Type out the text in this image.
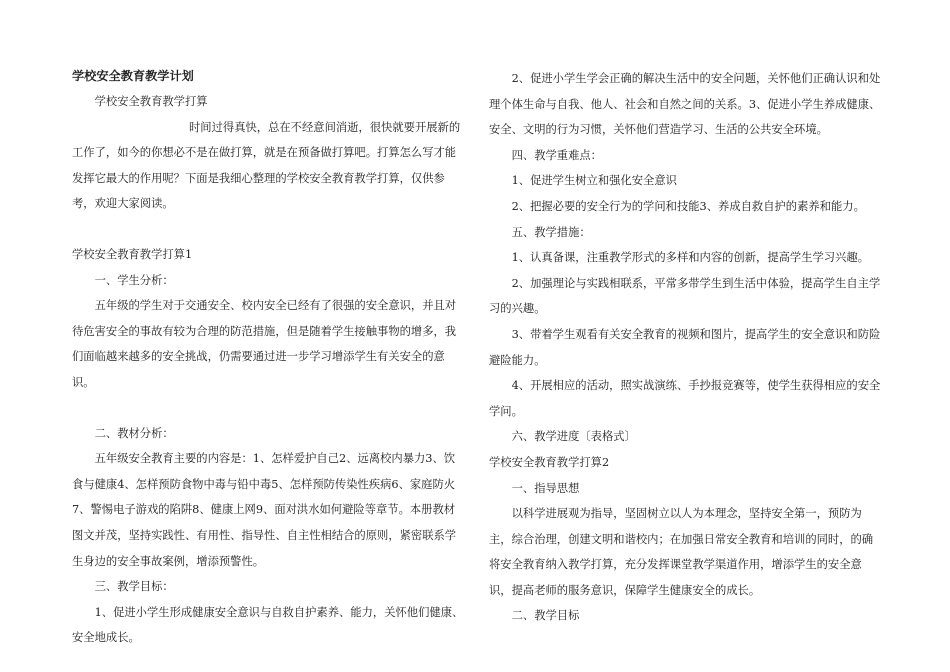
学校安全教育教学计划

学校安全教育教学打算

时间过得真快，总在不经意间消逝，很快就要开展新的工作了，如今的你想必不是在做打算，就是在预备做打算吧。打算怎么写才能发挥它最大的作用呢？下面是我细心整理的学校安全教育教学打算，仅供参考，欢迎大家阅读。

学校安全教育教学打算1

一、学生分析：

五年级的学生对于交通安全、校内安全已经有了很强的安全意识，并且对待危害安全的事故有较为合理的防范措施，但是随着学生接触事物的增多，我们面临越来越多的安全挑战，仍需要通过进一步学习增添学生有关安全的意识。

二、教材分析：

五年级安全教育主要的内容是：1、怎样爱护自己2、远离校内暴力3、饮食与健康4、怎样预防食物中毒与铅中毒5、怎样预防传染性疾病6、家庭防火7、警惕电子游戏的陷阱8、健康上网9、面对洪水如何避险等章节。本册教材图文并茂，坚持实践性、有用性、指导性、自主性相结合的原则，紧密联系学生身边的安全事故案例，增添预警性。

三、教学目标：

1、促进小学生形成健康安全意识与自救自护素养、能力，关怀他们健康、安全地成长。

2、促进小学生学会正确的解决生活中的安全问题，关怀他们正确认识和处理个体生命与自我、他人、社会和自然之间的关系。3、促进小学生养成健康、安全、文明的行为习惯，关怀他们营造学习、生活的公共安全环境。

四、教学重难点：

1、促进学生树立和强化安全意识

2、把握必要的安全行为的学问和技能3、养成自救自护的素养和能力。

五、教学措施：

1、认真备课，注重教学形式的多样和内容的创新，提高学生学习兴趣。

2、加强理论与实践相联系，平常多带学生到生活中体验，提高学生自主学习的兴趣。

3、带着学生观看有关安全教育的视频和图片，提高学生的安全意识和防险避险能力。

4、开展相应的活动，照实战演练、手抄报竞赛等，使学生获得相应的安全学问。

六、教学进度〔表格式〕

学校安全教育教学打算2

一、指导思想

以科学进展观为指导，坚固树立以人为本理念，坚持安全第一，预防为主，综合治理，创建文明和谐校内；在加强日常安全教育和培训的同时，的确将安全教育纳入教学打算，充分发挥课堂教学渠道作用，增添学生的安全意识，提高老师的服务意识，保障学生健康安全的成长。

二、教学目标
